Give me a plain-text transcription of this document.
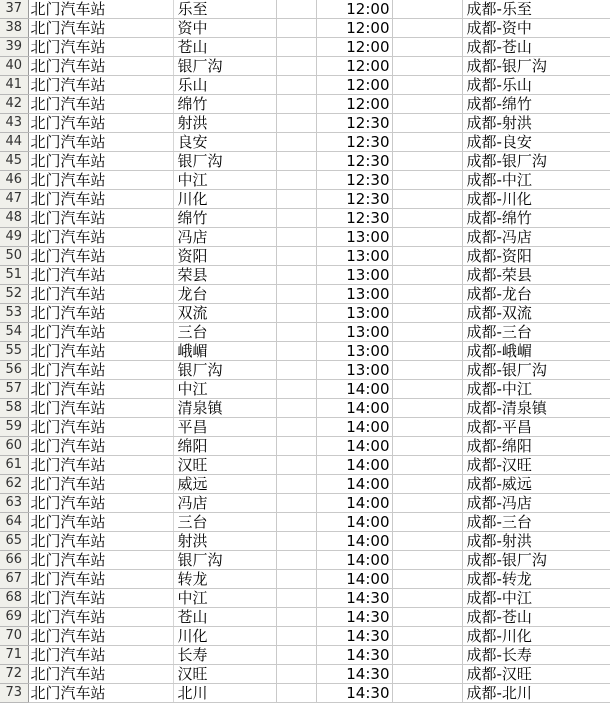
37	北门汽车站	乐至		12:00		成都-乐至
38	北门汽车站	资中		12:00		成都-资中
39	北门汽车站	苍山		12:00		成都-苍山
40	北门汽车站	银厂沟		12:00		成都-银厂沟
41	北门汽车站	乐山		12:00		成都-乐山
42	北门汽车站	绵竹		12:00		成都-绵竹
43	北门汽车站	射洪		12:30		成都-射洪
44	北门汽车站	良安		12:30		成都-良安
45	北门汽车站	银厂沟		12:30		成都-银厂沟
46	北门汽车站	中江		12:30		成都-中江
47	北门汽车站	川化		12:30		成都-川化
48	北门汽车站	绵竹		12:30		成都-绵竹
49	北门汽车站	冯店		13:00		成都-冯店
50	北门汽车站	资阳		13:00		成都-资阳
51	北门汽车站	荣县		13:00		成都-荣县
52	北门汽车站	龙台		13:00		成都-龙台
53	北门汽车站	双流		13:00		成都-双流
54	北门汽车站	三台		13:00		成都-三台
55	北门汽车站	峨嵋		13:00		成都-峨嵋
56	北门汽车站	银厂沟		13:00		成都-银厂沟
57	北门汽车站	中江		14:00		成都-中江
58	北门汽车站	清泉镇		14:00		成都-清泉镇
59	北门汽车站	平昌		14:00		成都-平昌
60	北门汽车站	绵阳		14:00		成都-绵阳
61	北门汽车站	汉旺		14:00		成都-汉旺
62	北门汽车站	威远		14:00		成都-威远
63	北门汽车站	冯店		14:00		成都-冯店
64	北门汽车站	三台		14:00		成都-三台
65	北门汽车站	射洪		14:00		成都-射洪
66	北门汽车站	银厂沟		14:00		成都-银厂沟
67	北门汽车站	转龙		14:00		成都-转龙
68	北门汽车站	中江		14:30		成都-中江
69	北门汽车站	苍山		14:30		成都-苍山
70	北门汽车站	川化		14:30		成都-川化
71	北门汽车站	长寿		14:30		成都-长寿
72	北门汽车站	汉旺		14:30		成都-汉旺
73	北门汽车站	北川		14:30		成都-北川
